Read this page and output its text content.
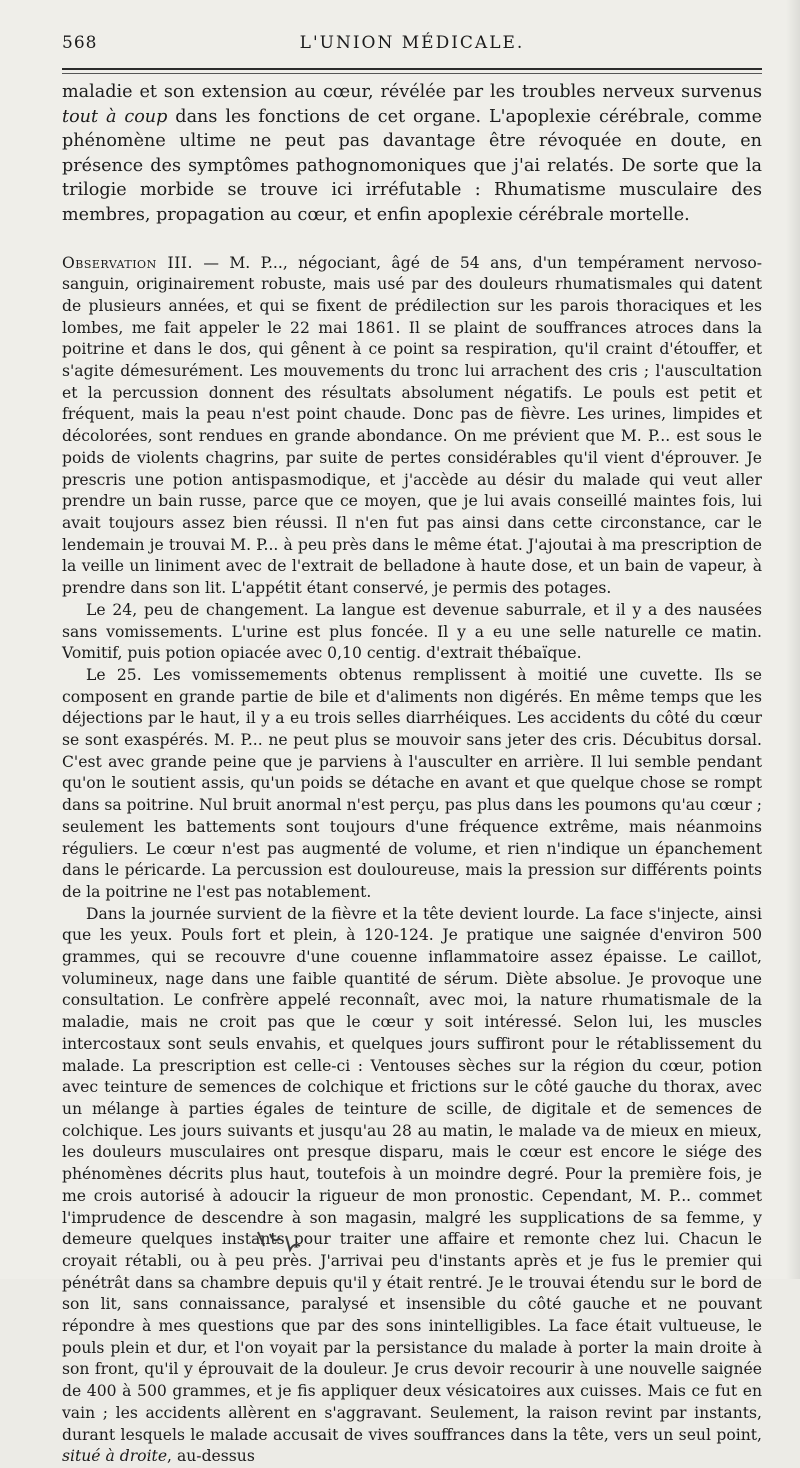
568	L'UNION MÉDICALE.

maladie et son extension au cœur, révélée par les troubles nerveux survenus tout à coup dans les fonctions de cet organe. L'apoplexie cérébrale, comme phénomène ultime ne peut pas davantage être révoquée en doute, en présence des symptômes pathognomoniques que j'ai relatés. De sorte que la trilogie morbide se trouve ici irréfutable : Rhumatisme musculaire des membres, propagation au cœur, et enfin apoplexie cérébrale mortelle.

Observation III. — M. P..., négociant, âgé de 54 ans, d'un tempérament nervoso-sanguin, originairement robuste, mais usé par des douleurs rhumatismales qui datent de plusieurs années, et qui se fixent de prédilection sur les parois thoraciques et les lombes, me fait appeler le 22 mai 1861. Il se plaint de souffrances atroces dans la poitrine et dans le dos, qui gênent à ce point sa respiration, qu'il craint d'étouffer, et s'agite démesurément. Les mouvements du tronc lui arrachent des cris ; l'auscultation et la percussion donnent des résultats absolument négatifs. Le pouls est petit et fréquent, mais la peau n'est point chaude. Donc pas de fièvre. Les urines, limpides et décolorées, sont rendues en grande abondance. On me prévient que M. P... est sous le poids de violents chagrins, par suite de pertes considérables qu'il vient d'éprouver. Je prescris une potion antispasmodique, et j'accède au désir du malade qui veut aller prendre un bain russe, parce que ce moyen, que je lui avais conseillé maintes fois, lui avait toujours assez bien réussi. Il n'en fut pas ainsi dans cette circonstance, car le lendemain je trouvai M. P... à peu près dans le même état. J'ajoutai à ma prescription de la veille un liniment avec de l'extrait de belladone à haute dose, et un bain de vapeur, à prendre dans son lit. L'appétit étant conservé, je permis des potages.

Le 24, peu de changement. La langue est devenue saburrale, et il y a des nausées sans vomissements. L'urine est plus foncée. Il y a eu une selle naturelle ce matin. Vomitif, puis potion opiacée avec 0,10 centig. d'extrait thébaïque.

Le 25. Les vomissemements obtenus remplissent à moitié une cuvette. Ils se composent en grande partie de bile et d'aliments non digérés. En même temps que les déjections par le haut, il y a eu trois selles diarrhéiques. Les accidents du côté du cœur se sont exaspérés. M. P... ne peut plus se mouvoir sans jeter des cris. Décubitus dorsal. C'est avec grande peine que je parviens à l'ausculter en arrière. Il lui semble pendant qu'on le soutient assis, qu'un poids se détache en avant et que quelque chose se rompt dans sa poitrine. Nul bruit anormal n'est perçu, pas plus dans les poumons qu'au cœur ; seulement les battements sont toujours d'une fréquence extrême, mais néanmoins réguliers. Le cœur n'est pas augmenté de volume, et rien n'indique un épanchement dans le péricarde. La percussion est douloureuse, mais la pression sur différents points de la poitrine ne l'est pas notablement.

Dans la journée survient de la fièvre et la tête devient lourde. La face s'injecte, ainsi que les yeux. Pouls fort et plein, à 120-124. Je pratique une saignée d'environ 500 grammes, qui se recouvre d'une couenne inflammatoire assez épaisse. Le caillot, volumineux, nage dans une faible quantité de sérum. Diète absolue. Je provoque une consultation. Le confrère appelé reconnaît, avec moi, la nature rhumatismale de la maladie, mais ne croit pas que le cœur y soit intéressé. Selon lui, les muscles intercostaux sont seuls envahis, et quelques jours suffiront pour le rétablissement du malade. La prescription est celle-ci : Ventouses sèches sur la région du cœur, potion avec teinture de semences de colchique et frictions sur le côté gauche du thorax, avec un mélange à parties égales de teinture de scille, de digitale et de semences de colchique. Les jours suivants et jusqu'au 28 au matin, le malade va de mieux en mieux, les douleurs musculaires ont presque disparu, mais le cœur est encore le siége des phénomènes décrits plus haut, toutefois à un moindre degré. Pour la première fois, je me crois autorisé à adoucir la rigueur de mon pronostic. Cependant, M. P... commet l'imprudence de descendre à son magasin, malgré les supplications de sa femme, y demeure quelques instants pour traiter une affaire et remonte chez lui. Chacun le croyait rétabli, ou à peu près. J'arrivai peu d'instants après et je fus le premier qui pénétrât dans sa chambre depuis qu'il y était rentré. Je le trouvai étendu sur le bord de son lit, sans connaissance, paralysé et insensible du côté gauche et ne pouvant répondre à mes questions que par des sons inintelligibles. La face était vultueuse, le pouls plein et dur, et l'on voyait par la persistance du malade à porter la main droite à son front, qu'il y éprouvait de la douleur. Je crus devoir recourir à une nouvelle saignée de 400 à 500 grammes, et je fis appliquer deux vésicatoires aux cuisses. Mais ce fut en vain ; les accidents allèrent en s'aggravant. Seulement, la raison revint par instants, durant lesquels le malade accusait de vives souffrances dans la tête, vers un seul point, situé à droite, au-dessus
